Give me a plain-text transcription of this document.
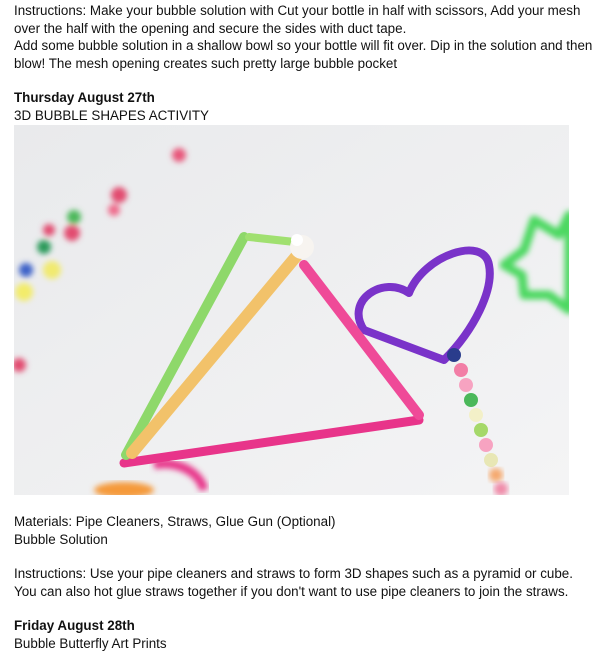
Instructions: Make your bubble solution with Cut your bottle in half with scissors, Add your mesh over the half with the opening and secure the sides with duct tape.

Add some bubble solution in a shallow bowl so your bottle will fit over. Dip in the solution and then blow! The mesh opening creates such pretty large bubble pocket

Thursday August 27th

3D BUBBLE SHAPES ACTIVITY

Materials: Pipe Cleaners, Straws, Glue Gun (Optional)

Bubble Solution

Instructions: Use your pipe cleaners and straws to form 3D shapes such as a pyramid or cube. You can also hot glue straws together if you don't want to use pipe cleaners to join the straws.

Friday August 28th

Bubble Butterfly Art Prints
